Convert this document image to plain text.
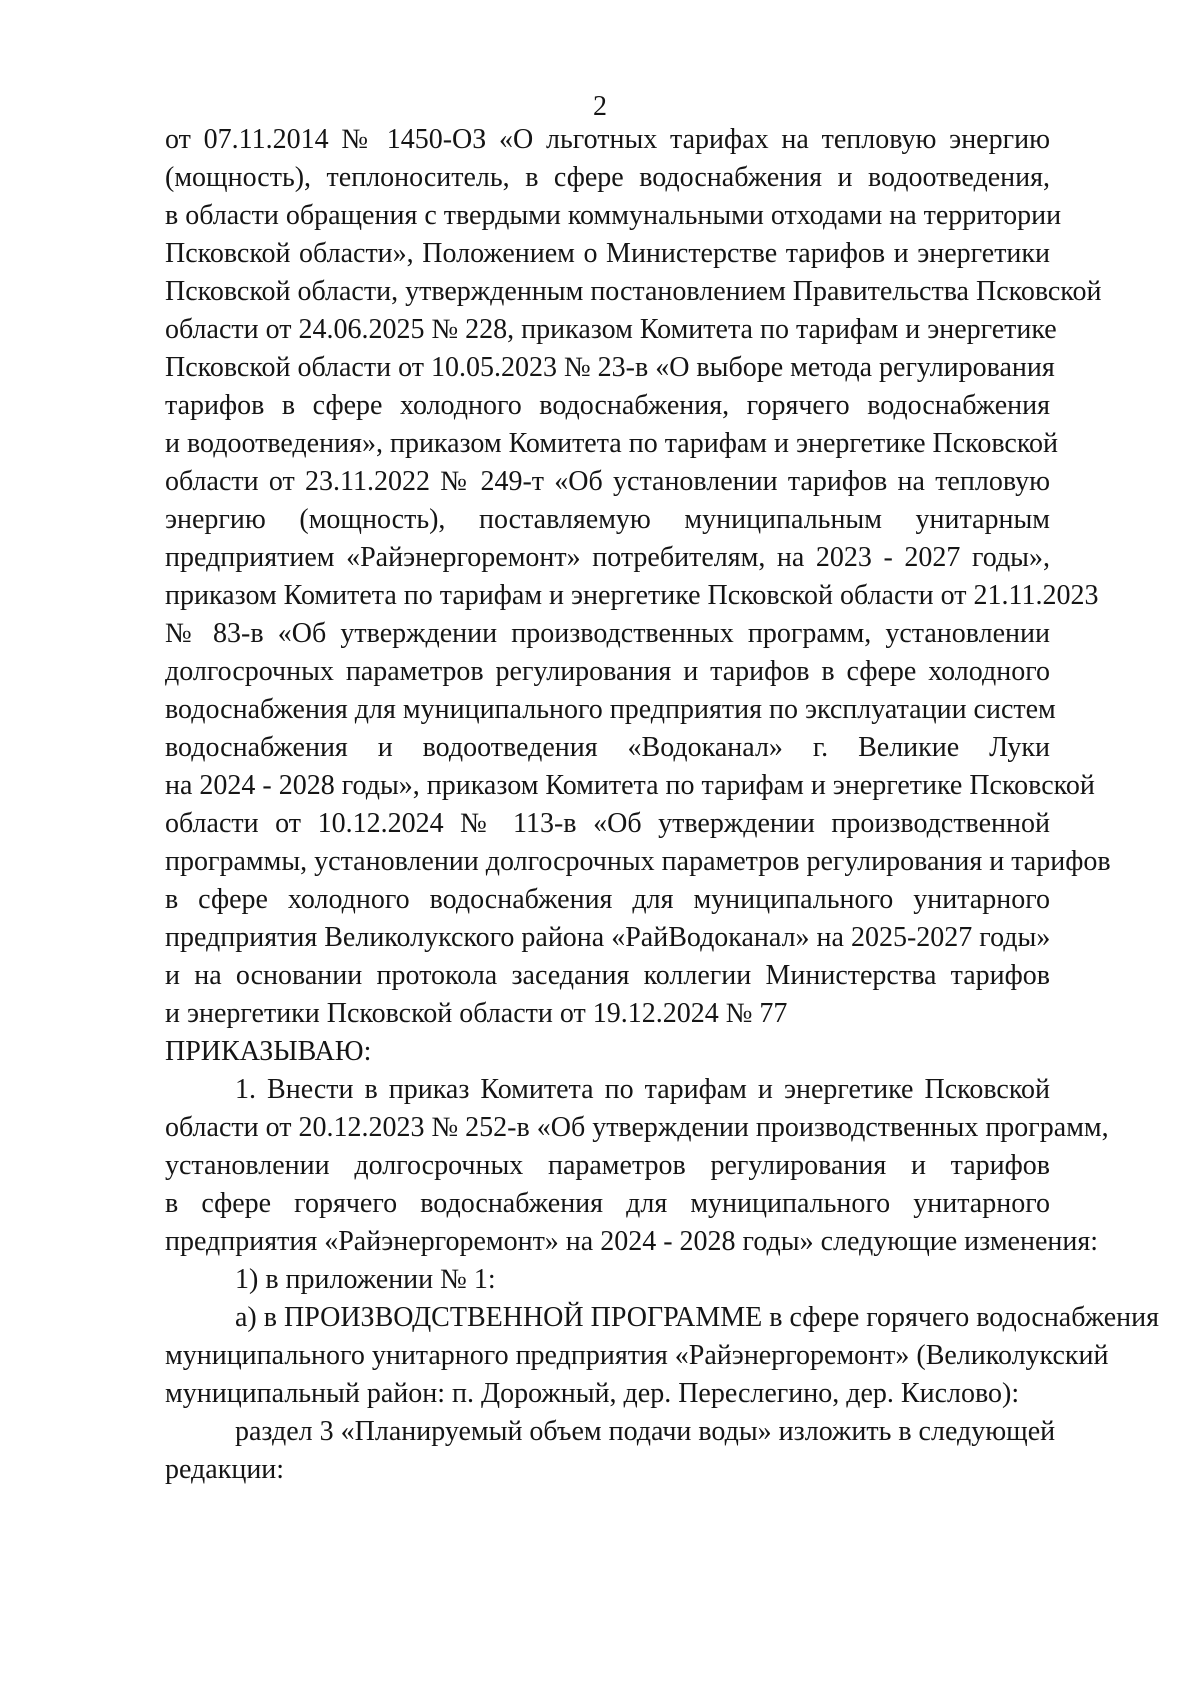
2
от 07.11.2014 № 1450-ОЗ «О льготных тарифах на тепловую энергию
(мощность), теплоноситель, в сфере водоснабжения и водоотведения,
в области обращения с твердыми коммунальными отходами на территории
Псковской области», Положением о Министерстве тарифов и энергетики
Псковской области, утвержденным постановлением Правительства Псковской
области от 24.06.2025 № 228, приказом Комитета по тарифам и энергетике
Псковской области от 10.05.2023 № 23-в «О выборе метода регулирования
тарифов в сфере холодного водоснабжения, горячего водоснабжения
и водоотведения», приказом Комитета по тарифам и энергетике Псковской
области от 23.11.2022 № 249-т «Об установлении тарифов на тепловую
энергию (мощность), поставляемую муниципальным унитарным
предприятием «Райэнергоремонт» потребителям, на 2023 - 2027 годы»,
приказом Комитета по тарифам и энергетике Псковской области от 21.11.2023
№ 83-в «Об утверждении производственных программ, установлении
долгосрочных параметров регулирования и тарифов в сфере холодного
водоснабжения для муниципального предприятия по эксплуатации систем
водоснабжения и водоотведения «Водоканал» г. Великие Луки
на 2024 - 2028 годы», приказом Комитета по тарифам и энергетике Псковской
области от 10.12.2024 № 113-в «Об утверждении производственной
программы, установлении долгосрочных параметров регулирования и тарифов
в сфере холодного водоснабжения для муниципального унитарного
предприятия Великолукского района «РайВодоканал» на 2025-2027 годы»
и на основании протокола заседания коллегии Министерства тарифов
и энергетики Псковской области от 19.12.2024 № 77
ПРИКАЗЫВАЮ:
1. Внести в приказ Комитета по тарифам и энергетике Псковской
области от 20.12.2023 № 252-в «Об утверждении производственных программ,
установлении долгосрочных параметров регулирования и тарифов
в сфере горячего водоснабжения для муниципального унитарного
предприятия «Райэнергоремонт» на 2024 - 2028 годы» следующие изменения:
1) в приложении № 1:
а) в ПРОИЗВОДСТВЕННОЙ ПРОГРАММЕ в сфере горячего водоснабжения
муниципального унитарного предприятия «Райэнергоремонт» (Великолукский
муниципальный район: п. Дорожный, дер. Переслегино, дер. Кислово):
раздел 3 «Планируемый объем подачи воды» изложить в следующей
редакции:
